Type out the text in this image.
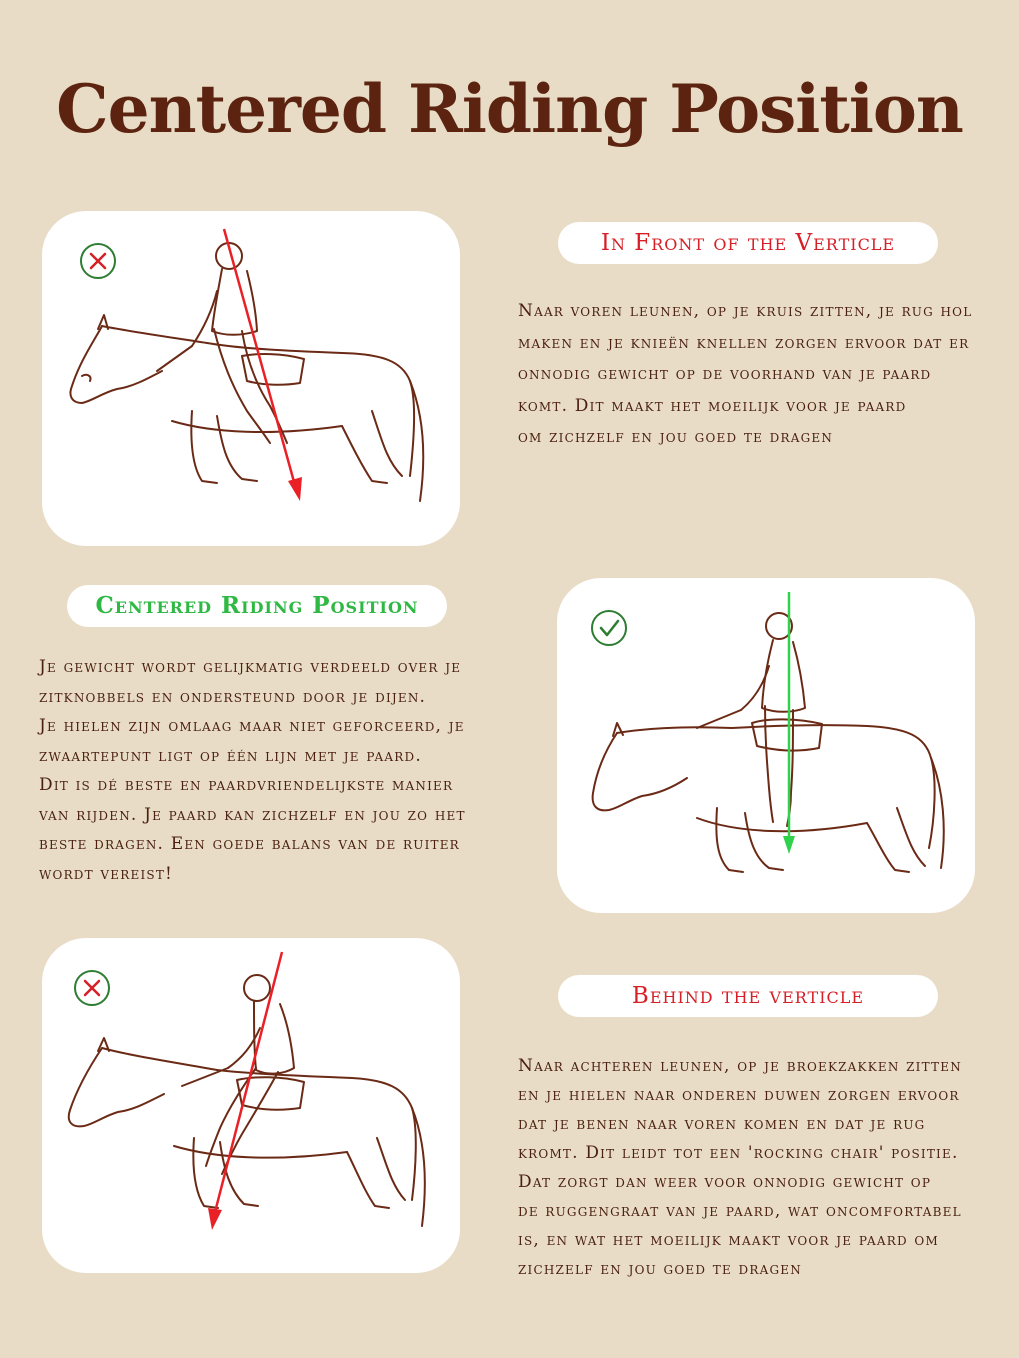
Centered Riding Position
In Front of the Verticle
Naar voren leunen, op je kruis zitten, je rug hol
maken en je knieën knellen zorgen ervoor dat er
onnodig gewicht op de voorhand van je paard
komt. Dit maakt het moeilijk voor je paard
om zichzelf en jou goed te dragen
Centered Riding Position
Je gewicht wordt gelijkmatig verdeeld over je
zitknobbels en ondersteund door je dijen.
Je hielen zijn omlaag maar niet geforceerd, je
zwaartepunt ligt op één lijn met je paard.
Dit is dé beste en paardvriendelijkste manier
van rijden. Je paard kan zichzelf en jou zo het
beste dragen. Een goede balans van de ruiter
wordt vereist!
Behind the verticle
Naar achteren leunen, op je broekzakken zitten
en je hielen naar onderen duwen zorgen ervoor
dat je benen naar voren komen en dat je rug
kromt. Dit leidt tot een 'rocking chair' positie.
Dat zorgt dan weer voor onnodig gewicht op
de ruggengraat van je paard, wat oncomfortabel
is, en wat het moeilijk maakt voor je paard om
zichzelf en jou goed te dragen
